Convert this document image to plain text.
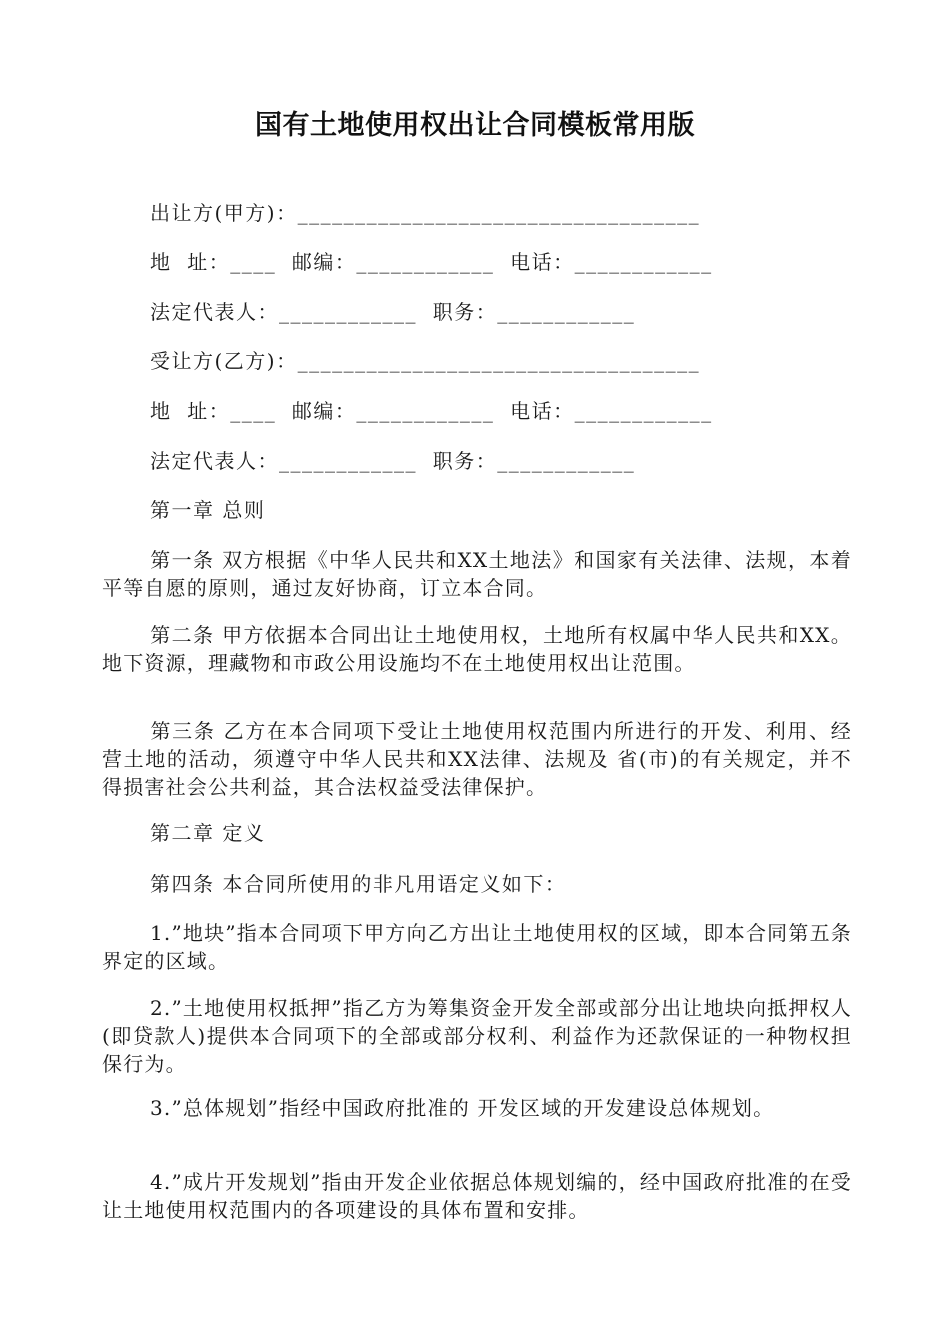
国有土地使用权出让合同模板常用版
出让方(甲方)：___________________________________
地  址：____  邮编：____________  电话：____________
法定代表人：____________  职务：____________
受让方(乙方)：___________________________________
地  址：____  邮编：____________  电话：____________
法定代表人：____________  职务：____________
第一章 总则
第一条 双方根据《中华人民共和XX土地法》和国家有关法律、法规，本着平等自愿的原则，通过友好协商，订立本合同。
第二条 甲方依据本合同出让土地使用权，土地所有权属中华人民共和XX。地下资源，理藏物和市政公用设施均不在土地使用权出让范围。
第三条 乙方在本合同项下受让土地使用权范围内所进行的开发、利用、经营土地的活动，须遵守中华人民共和XX法律、法规及 省(市)的有关规定，并不得损害社会公共利益，其合法权益受法律保护。
第二章 定义
第四条 本合同所使用的非凡用语定义如下：
1.”地块”指本合同项下甲方向乙方出让土地使用权的区域，即本合同第五条界定的区域。
2.”土地使用权抵押”指乙方为筹集资金开发全部或部分出让地块向抵押权人(即贷款人)提供本合同项下的全部或部分权利、利益作为还款保证的一种物权担保行为。
3.”总体规划”指经中国政府批准的 开发区域的开发建设总体规划。
4.”成片开发规划”指由开发企业依据总体规划编的，经中国政府批准的在受让土地使用权范围内的各项建设的具体布置和安排。
